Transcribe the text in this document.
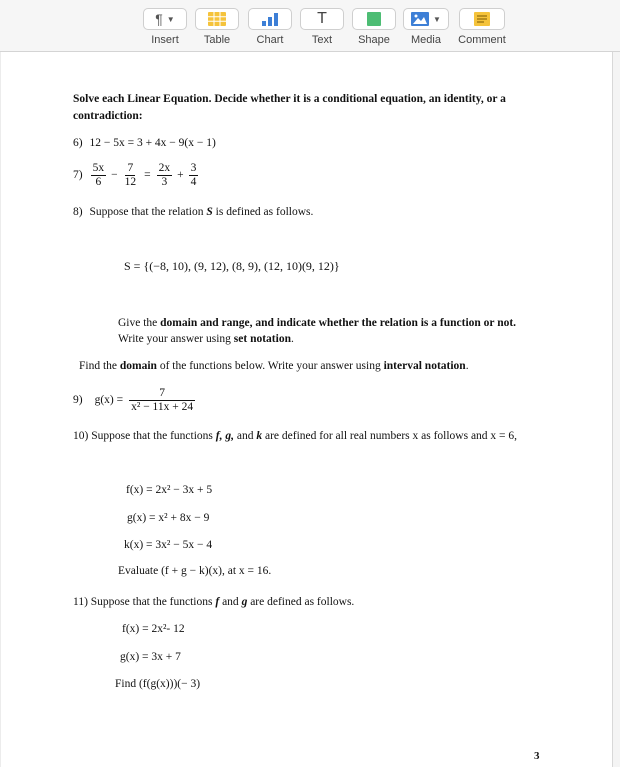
¶ ▼
Insert	Table	Chart
T
Text	Shape
▼
Media	Comment
Solve each Linear Equation. Decide whether it is a conditional equation, an identity, or a
contradiction:
6) 12 − 5x = 3 + 4x − 9(x − 1)
$7) \frac{5x}{6} - \frac{7}{12} = \frac{2x}{3} + \frac{3}{4}$
8) Suppose that the relation S is defined as follows.
S = {(−8, 10), (9, 12), (8, 9), (12, 10)(9, 12)}
Give the domain and range, and indicate whether the relation is a function or not.
Write your answer using set notation.
Find the domain of the functions below. Write your answer using interval notation.
9) $g(x) = \frac{7}{\text{x² − 11x + 24}}$
10) Suppose that the functions f, g, and k are defined for all real numbers x as follows and x = 6,
f(x) = 2x² − 3x + 5
g(x) = x² + 8x − 9
k(x) = 3x² − 5x − 4
Evaluate (f + g − k)(x), at x = 16.
11) Suppose that the functions f and g are defined as follows.
f(x) = 2x²- 12
g(x) = 3x + 7
Find (f(g(x)))(− 3)
3
